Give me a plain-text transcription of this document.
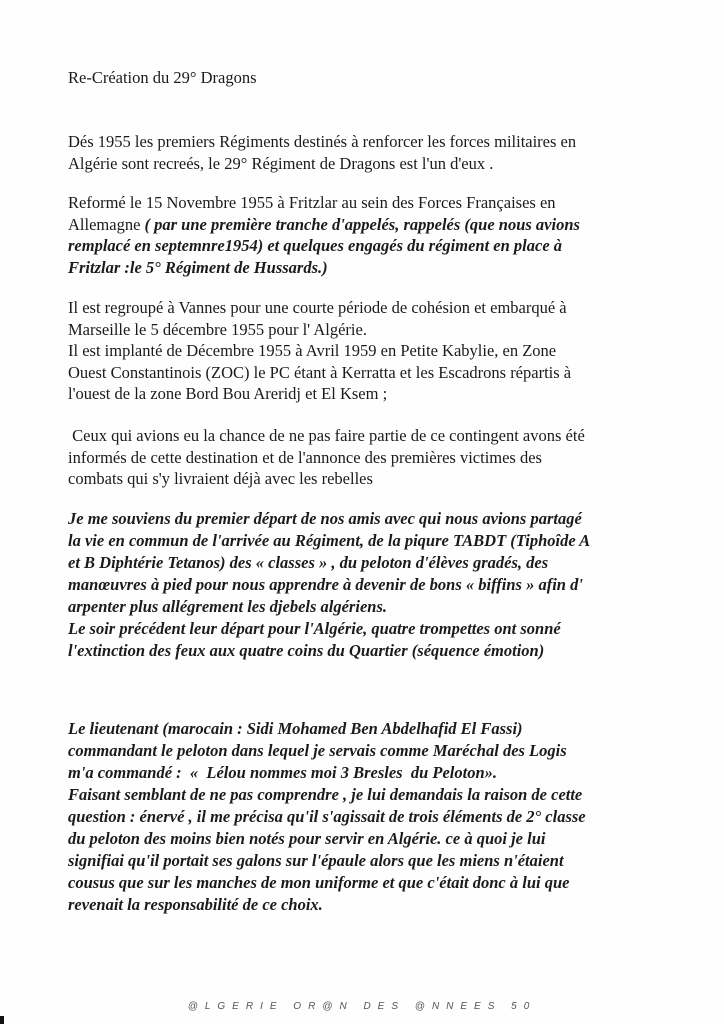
Re-Création du 29° Dragons
Dés 1955 les premiers Régiments destinés à renforcer les forces militaires en
Algérie sont recreés, le 29° Régiment de Dragons est l'un d'eux .
Reformé le 15 Novembre 1955 à Fritzlar au sein des Forces Françaises en
Allemagne ( par une première tranche d'appelés, rappelés (que nous avions
remplacé en septemnre1954) et quelques engagés du régiment en place à
Fritzlar :le 5° Régiment de Hussards.)
Il est regroupé à Vannes pour une courte période de cohésion et embarqué à
Marseille le 5 décembre 1955 pour l' Algérie.
Il est implanté de Décembre 1955 à Avril 1959 en Petite Kabylie, en Zone
Ouest Constantinois (ZOC) le PC étant à Kerratta et les Escadrons répartis à
l'ouest de la zone Bord Bou Areridj et El Ksem ;
Ceux qui avions eu la chance de ne pas faire partie de ce contingent avons été
informés de cette destination et de l'annonce des premières victimes des
combats qui s'y livraient déjà avec les rebelles
Je me souviens du premier départ de nos amis avec qui nous avions partagé
la vie en commun de l'arrivée au Régiment, de la piqure TABDT (Tiphoîde A
et B Diphtérie Tetanos) des « classes » , du peloton d'élèves gradés, des
manœuvres à pied pour nous apprendre à devenir de bons « biffins » afin d'
arpenter plus allégrement les djebels algériens.
Le soir précédent leur départ pour l'Algérie, quatre trompettes ont sonné
l'extinction des feux aux quatre coins du Quartier (séquence émotion)
Le lieutenant (marocain : Sidi Mohamed Ben Abdelhafid El Fassi)
commandant le peloton dans lequel je servais comme Maréchal des Logis
m'a commandé :  «  Lélou nommes moi 3 Bresles  du Peloton».
Faisant semblant de ne pas comprendre , je lui demandais la raison de cette
question : énervé , il me précisa qu'il s'agissait de trois éléments de 2° classe
du peloton des moins bien notés pour servir en Algérie. ce à quoi je lui
signifiai qu'il portait ses galons sur l'épaule alors que les miens n'étaient
cousus que sur les manches de mon uniforme et que c'était donc à lui que
revenait la responsabilité de ce choix.
@LGERIE OR@N DES @NNEES 50
